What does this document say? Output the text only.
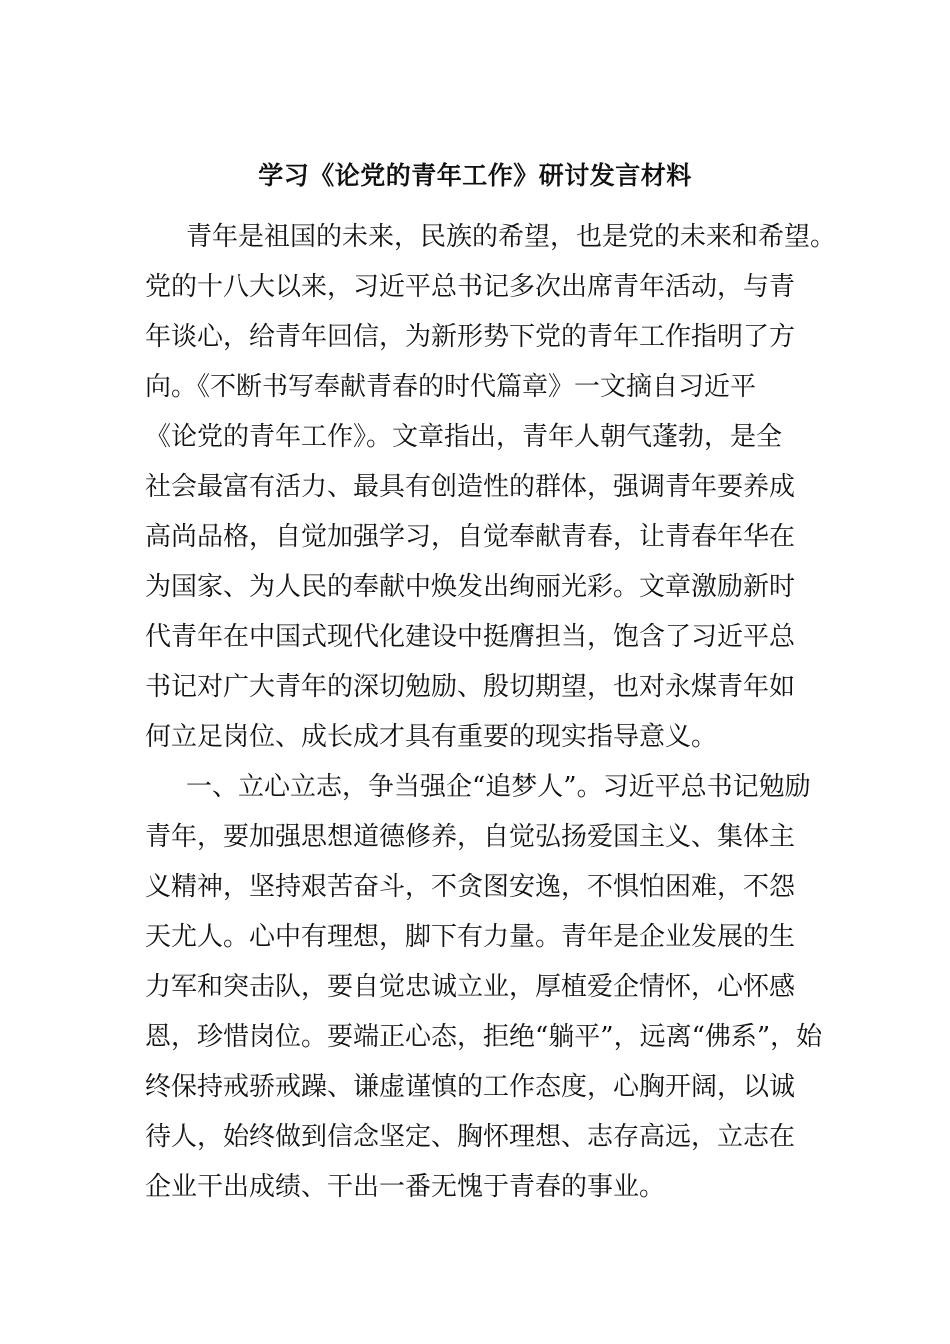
学习《论党的青年工作》研讨发言材料
青年是祖国的未来，民族的希望，也是党的未来和希望。
党的十八大以来，习近平总书记多次出席青年活动，与青
年谈心，给青年回信，为新形势下党的青年工作指明了方
向。《不断书写奉献青春的时代篇章》一文摘自习近平
《论党的青年工作》。文章指出，青年人朝气蓬勃，是全
社会最富有活力、最具有创造性的群体，强调青年要养成
高尚品格，自觉加强学习，自觉奉献青春，让青春年华在
为国家、为人民的奉献中焕发出绚丽光彩。文章激励新时
代青年在中国式现代化建设中挺膺担当，饱含了习近平总
书记对广大青年的深切勉励、殷切期望，也对永煤青年如
何立足岗位、成长成才具有重要的现实指导意义。
一、立心立志，争当强企“追梦人”。习近平总书记勉励
青年，要加强思想道德修养，自觉弘扬爱国主义、集体主
义精神，坚持艰苦奋斗，不贪图安逸，不惧怕困难，不怨
天尤人。心中有理想，脚下有力量。青年是企业发展的生
力军和突击队，要自觉忠诚立业，厚植爱企情怀，心怀感
恩，珍惜岗位。要端正心态，拒绝“躺平”，远离“佛系”，始
终保持戒骄戒躁、谦虚谨慎的工作态度，心胸开阔，以诚
待人，始终做到信念坚定、胸怀理想、志存高远，立志在
企业干出成绩、干出一番无愧于青春的事业。
